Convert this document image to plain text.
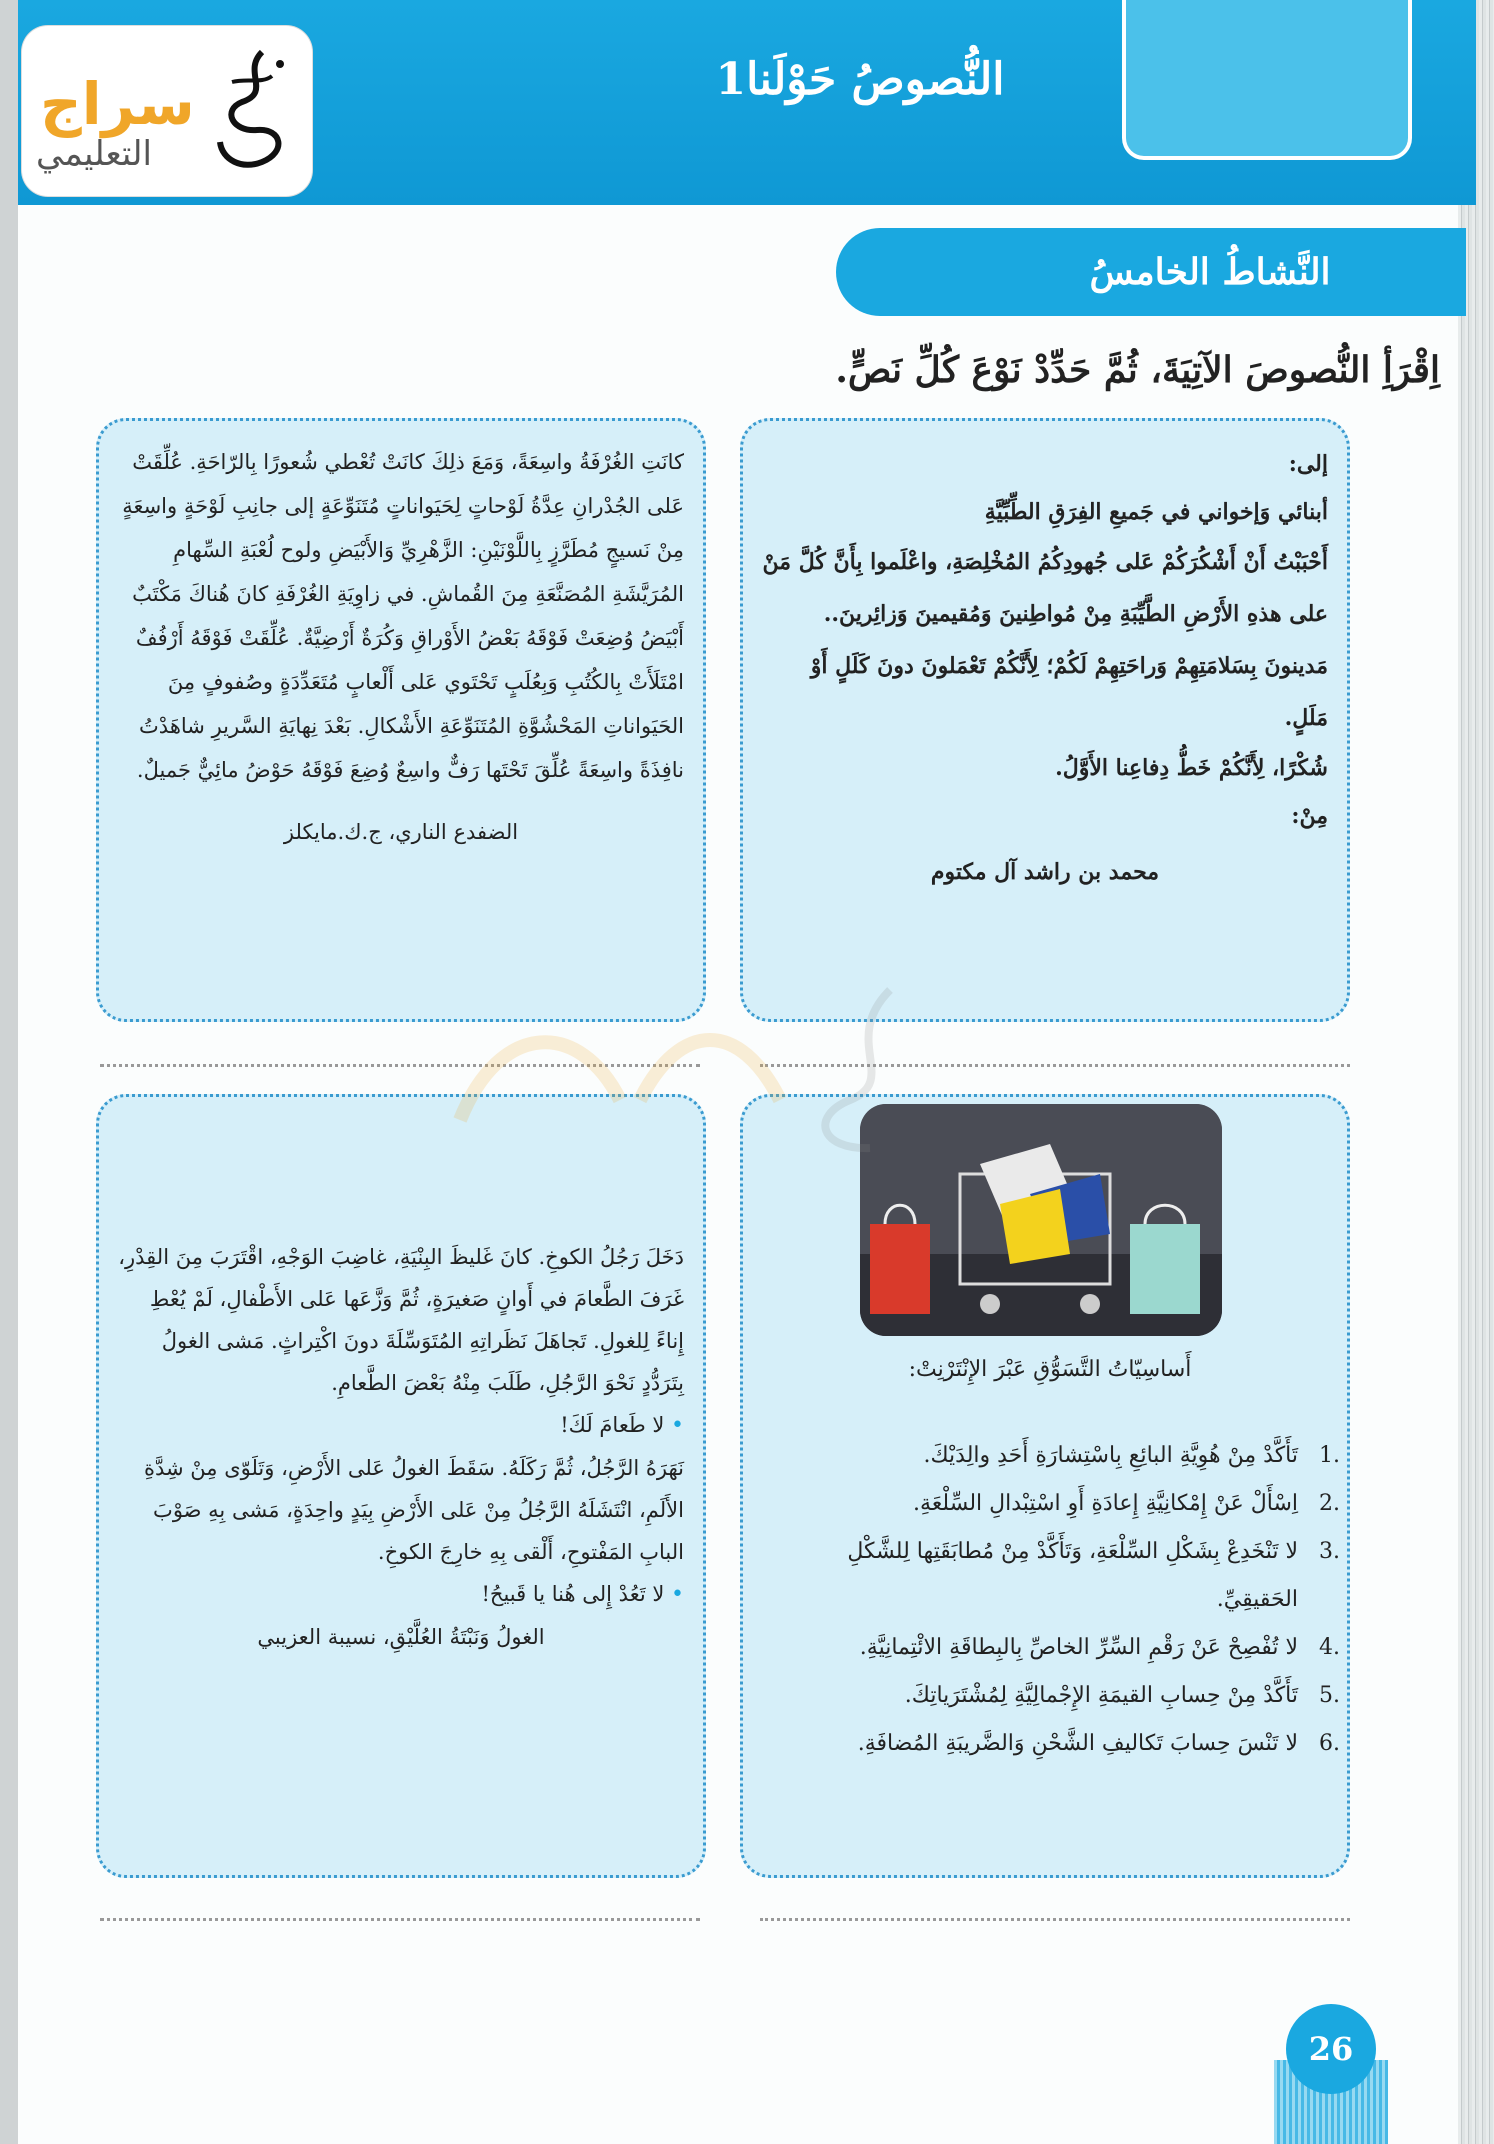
النُّصوصُ حَوْلَنا1
سراج
التعليمي
النَّشاطُ الخامسُ
اِقْرَأِ النُّصوصَ الآتِيَةَ، ثُمَّ حَدِّدْ نَوْعَ كُلِّ نَصٍّ.

إلى:

أبنائي وَإخواني في جَميعِ الفِرَقِ الطِّبِّيَّةِ

أَحْبَبْتُ أَنْ أَشْكُرَكُمْ عَلى جُهودِكُمُ المُخْلِصَةِ، واعْلَموا بِأَنَّ كُلَّ مَنْ على هذهِ الأَرْضِ الطَّيِّبَةِ مِنْ مُواطِنينَ وَمُقيمينَ وَزائِرينَ.. مَدينونَ بِسَلامَتِهِمْ وَراحَتِهِمْ لَكُمْ؛ لِأَنَّكُمْ تَعْمَلونَ دونَ كَلَلٍ أَوْ مَلَلٍ.

شُكْرًا، لِأَنَّكُمْ خَطُّ دِفاعِنا الأَوَّلُ.

مِنْ:

محمد بن راشد آل مكتوم

كانَتِ الغُرْفَةُ واسِعَةً، وَمَعَ ذلِكَ كانَتْ تُعْطي شُعورًا بِالرّاحَةِ. عُلِّقَتْ عَلى الجُدْرانِ عِدَّةُ لَوْحاتٍ لِحَيَواناتٍ مُتَنَوِّعَةٍ إلى جانِبِ لَوْحَةٍ واسِعَةٍ مِنْ نَسيجٍ مُطَرَّزٍ بِاللَّوْنَيْنِ: الزَّهْرِيِّ وَالأَبْيَضِ ولوح لُعْبَةِ السِّهامِ المُرَيَّشَةِ المُصَنَّعَةِ مِنَ القُماشِ. في زاوِيَةِ الغُرْفَةِ كانَ هُناكَ مَكْتَبٌ أَبْيَضُ وُضِعَتْ فَوْقَهُ بَعْضُ الأَوْراقِ وَكُرَةٌ أَرْضِيَّةٌ. عُلِّقَتْ فَوْقَهُ أَرْفُفٌ امْتَلَأَتْ بِالكُتُبِ وَبِعُلَبٍ تَحْتَوي عَلى أَلْعابٍ مُتَعَدِّدَةٍ وصُفوفٍ مِنَ الحَيَواناتِ المَحْشُوَّةِ المُتَنَوِّعَةِ الأَشْكالِ. بَعْدَ نِهايَةِ السَّريرِ شاهَدْتُ نافِذَةً واسِعَةً عُلِّقَ تَحْتَها رَفٌّ واسِعٌ وُضِعَ فَوْقَهُ حَوْضُ مائِيٌّ جَميلٌ.

الضفدع الناري، ج.ك.مايكلز

أَساسِيّاتُ التَّسَوُّقِ عَبْرَ الإِنْتَرْنِتْ:
1.
تَأَكَّدْ مِنْ هُوِيَّةِ البائِعِ بِاسْتِشارَةِ أَحَدِ والِدَيْكَ.
2.
اِسْأَلْ عَنْ إِمْكانِيَّةِ إِعادَةِ أَوِ اسْتِبْدالِ السِّلْعَةِ.
3.
لا تَنْخَدِعْ بِشَكْلِ السِّلْعَةِ، وَتَأَكَّدْ مِنْ مُطابَقَتِها لِلشَّكْلِ الحَقيقِيِّ.
4.
لا تُفْصِحْ عَنْ رَقْمِ السِّرِّ الخاصِّ بِالبِطاقَةِ الائْتِمانِيَّةِ.
5.
تَأَكَّدْ مِنْ حِسابِ القيمَةِ الإِجْمالِيَّةِ لِمُشْتَرَياتِكَ.
6.
لا تَنْسَ حِسابَ تَكاليفِ الشَّحْنِ وَالضَّريبَةِ المُضافَةِ.

دَخَلَ رَجُلُ الكوخِ. كانَ غَليظَ البِنْيَةِ، غاضِبَ الوَجْهِ، اقْتَرَبَ مِنَ القِدْرِ، غَرَفَ الطَّعامَ في أَوانٍ صَغيرَةٍ، ثُمَّ وَزَّعَها عَلى الأَطْفالِ، لَمْ يُعْطِ إِناءً لِلغولِ. تَجاهَلَ نَظَراتِهِ المُتَوَسِّلَةَ دونَ اكْتِراثٍ. مَشى الغولُ بِتَرَدُّدٍ نَحْوَ الرَّجُلِ، طَلَبَ مِنْهُ بَعْضَ الطَّعامِ.

• لا طَعامَ لَكَ!

نَهَرَهُ الرَّجُلُ، ثُمَّ رَكَلَهُ. سَقَطَ الغولُ عَلى الأَرْضِ، وَتَلَوّى مِنْ شِدَّةِ الأَلَمِ، انْتَشَلَهُ الرَّجُلُ مِنْ عَلى الأَرْضِ بِيَدٍ واحِدَةٍ، مَشى بِهِ صَوْبَ البابِ المَفْتوحِ، أَلْقى بِهِ خارِجَ الكوخِ.

• لا تَعُدْ إِلى هُنا يا قَبيحُ!

الغولُ وَنَبْتَةُ العُلَّيْقِ، نسيبة العزيبي

26
